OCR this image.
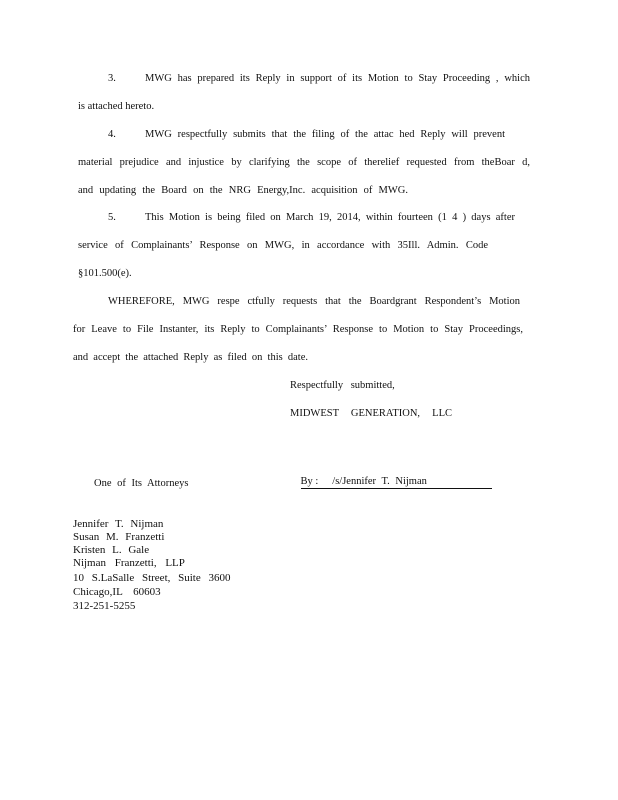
3.	MWG has prepared its Reply in support of its Motion to Stay Proceeding , which
is attached hereto.
4.	MWG respectfully submits that the filing of the attac hed Reply will prevent
material prejudice and injustice by clarifying the scope of therelief requested from theBoar d,
and updating the Board on the NRG Energy,Inc. acquisition of MWG.
5.	This Motion is being filed on March 19, 2014, within fourteen (1 4 ) days after
service of Complainants’ Response on MWG, in accordance with 35Ill. Admin. Code
§101.500(e).
WHEREFORE, MWG respe ctfully requests that the Boardgrant Respondent’s Motion
for Leave to File Instanter, its Reply to Complainants’ Response to Motion to Stay Proceedings,
and accept the attached Reply as filed on this date.
Respectfully submitted,
MIDWEST GENERATION, LLC

By : /s/Jennifer T. Nijman

One of Its Attorneys
Jennifer T. Nijman
Susan M. Franzetti
Kristen L. Gale
Nijman Franzetti, LLP
10 S.LaSalle Street, Suite 3600
Chicago,IL 60603
312-251-5255
